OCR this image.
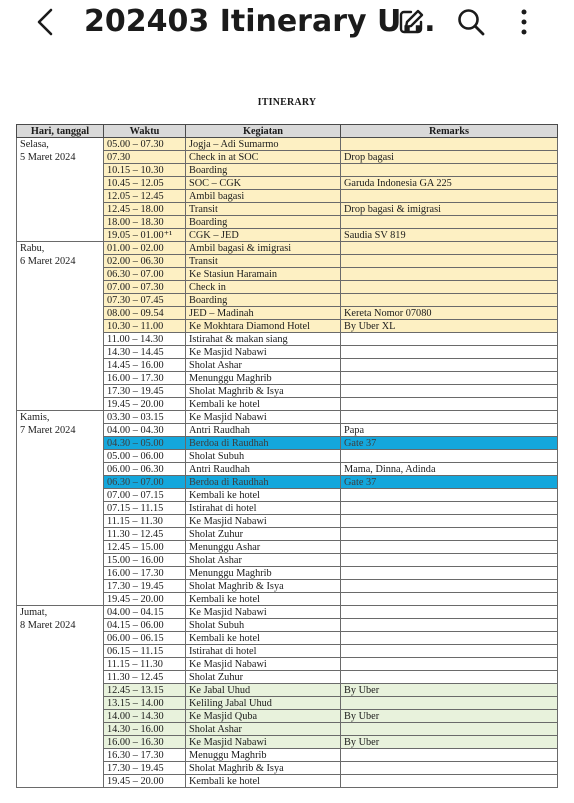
202403 Itinerary U...
ITINERARY
Hari, tanggal	Waktu	Kegiatan	Remarks

Selasa,
5 Maret 2024	05.00 – 07.30	Jogja – Adi Sumarmo	
	07.30	Check in at SOC	Drop bagasi
	10.15 – 10.30	Boarding	
	10.45 – 12.05	SOC – CGK	Garuda Indonesia GA 225
	12.05 – 12.45	Ambil bagasi	
	12.45 – 18.00	Transit	Drop bagasi & imigrasi
	18.00 – 18.30	Boarding	
	19.05 – 01.00⁺¹	CGK – JED	Saudia SV 819

Rabu,
6 Maret 2024	01.00 – 02.00	Ambil bagasi & imigrasi	
	02.00 – 06.30	Transit	
	06.30 – 07.00	Ke Stasiun Haramain	
	07.00 – 07.30	Check in	
	07.30 – 07.45	Boarding	
	08.00 – 09.54	JED – Madinah	Kereta Nomor 07080
	10.30 – 11.00	Ke Mokhtara Diamond Hotel	By Uber XL
	11.00 – 14.30	Istirahat & makan siang	
	14.30 – 14.45	Ke Masjid Nabawi	
	14.45 – 16.00	Sholat Ashar	
	16.00 – 17.30	Menunggu Maghrib	
	17.30 – 19.45	Sholat Maghrib & Isya	
	19.45 – 20.00	Kembali ke hotel	

Kamis,
7 Maret 2024	03.30 – 03.15	Ke Masjid Nabawi	
	04.00 – 04.30	Antri Raudhah	Papa
	04.30 – 05.00	Berdoa di Raudhah	Gate 37
	05.00 – 06.00	Sholat Subuh	
	06.00 – 06.30	Antri Raudhah	Mama, Dinna, Adinda
	06.30 – 07.00	Berdoa di Raudhah	Gate 37
	07.00 – 07.15	Kembali ke hotel	
	07.15 – 11.15	Istirahat di hotel	
	11.15 – 11.30	Ke Masjid Nabawi	
	11.30 – 12.45	Sholat Zuhur	
	12.45 – 15.00	Menunggu Ashar	
	15.00 – 16.00	Sholat Ashar	
	16.00 – 17.30	Menunggu Maghrib	
	17.30 – 19.45	Sholat Maghrib & Isya	
	19.45 – 20.00	Kembali ke hotel	

Jumat,
8 Maret 2024	04.00 – 04.15	Ke Masjid Nabawi	
	04.15 – 06.00	Sholat Subuh	
	06.00 – 06.15	Kembali ke hotel	
	06.15 – 11.15	Istirahat di hotel	
	11.15 – 11.30	Ke Masjid Nabawi	
	11.30 – 12.45	Sholat Zuhur	
	12.45 – 13.15	Ke Jabal Uhud	By Uber
	13.15 – 14.00	Keliling Jabal Uhud	
	14.00 – 14.30	Ke Masjid Quba	By Uber
	14.30 – 16.00	Sholat Ashar	
	16.00 – 16.30	Ke Masjid Nabawi	By Uber
	16.30 – 17.30	Menuggu Maghrib	
	17.30 – 19.45	Sholat Maghrib & Isya	
	19.45 – 20.00	Kembali ke hotel	
